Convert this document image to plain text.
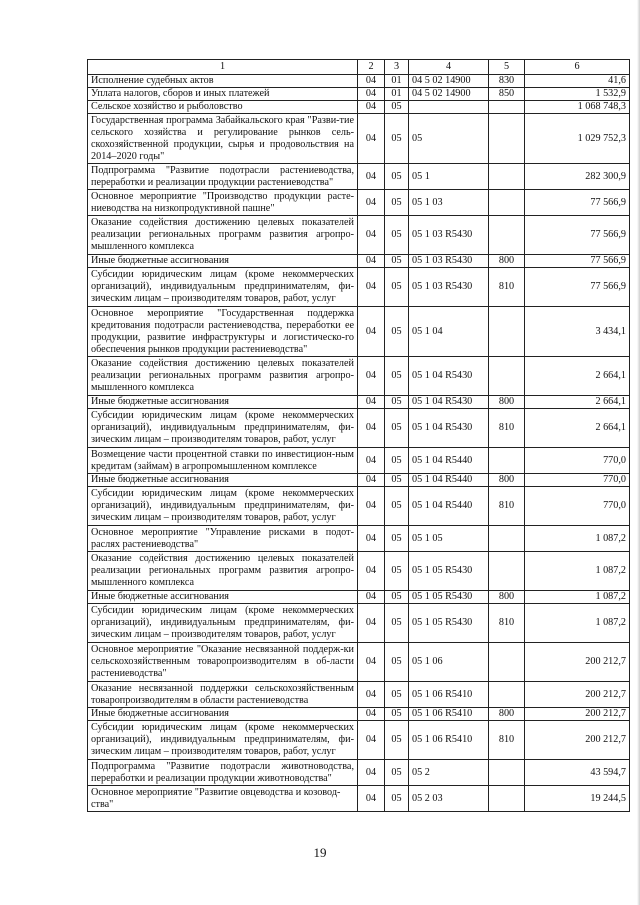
1	2	3	4	5	6
Исполнение судебных актов	04	01	04 5 02 14900	830	41,6
Уплата налогов, сборов и иных платежей	04	01	04 5 02 14900	850	1 532,9
Сельское хозяйство и рыболовство	04	05			1 068 748,3
Государственная программа Забайкальского края "Разви-тие сельского хозяйства и регулирование рынков сель-скохозяйственной продукции, сырья и продовольствия на 2014–2020 годы"	04	05	05		1 029 752,3
Подпрограмма "Развитие подотрасли растениеводства, переработки и реализации продукции растениеводства"	04	05	05 1		282 300,9
Основное мероприятие "Производство продукции расте-ниеводства на низкопродуктивной пашне"	04	05	05 1 03		77 566,9
Оказание содействия достижению целевых показателей реализации региональных программ развития агропро-мышленного комплекса	04	05	05 1 03 R5430		77 566,9
Иные бюджетные ассигнования	04	05	05 1 03 R5430	800	77 566,9
Субсидии юридическим лицам (кроме некоммерческих организаций), индивидуальным предпринимателям, фи-зическим лицам – производителям товаров, работ, услуг	04	05	05 1 03 R5430	810	77 566,9
Основное мероприятие "Государственная поддержка кредитования подотрасли растениеводства, переработки ее продукции, развитие инфраструктуры и логистическо-го обеспечения рынков продукции растениеводства"	04	05	05 1 04		3 434,1
Оказание содействия достижению целевых показателей реализации региональных программ развития агропро-мышленного комплекса	04	05	05 1 04 R5430		2 664,1
Иные бюджетные ассигнования	04	05	05 1 04 R5430	800	2 664,1
Субсидии юридическим лицам (кроме некоммерческих организаций), индивидуальным предпринимателям, фи-зическим лицам – производителям товаров, работ, услуг	04	05	05 1 04 R5430	810	2 664,1
Возмещение части процентной ставки по инвестицион-ным кредитам (займам) в агропромышленном комплексе	04	05	05 1 04 R5440		770,0
Иные бюджетные ассигнования	04	05	05 1 04 R5440	800	770,0
Субсидии юридическим лицам (кроме некоммерческих организаций), индивидуальным предпринимателям, фи-зическим лицам – производителям товаров, работ, услуг	04	05	05 1 04 R5440	810	770,0
Основное мероприятие "Управление рисками в подот-раслях растениеводства"	04	05	05 1 05		1 087,2
Оказание содействия достижению целевых показателей реализации региональных программ развития агропро-мышленного комплекса	04	05	05 1 05 R5430		1 087,2
Иные бюджетные ассигнования	04	05	05 1 05 R5430	800	1 087,2
Субсидии юридическим лицам (кроме некоммерческих организаций), индивидуальным предпринимателям, фи-зическим лицам – производителям товаров, работ, услуг	04	05	05 1 05 R5430	810	1 087,2
Основное мероприятие "Оказание несвязанной поддерж-ки сельскохозяйственным товаропроизводителям в об-ласти растениеводства"	04	05	05 1 06		200 212,7
Оказание несвязанной поддержки сельскохозяйственным товаропроизводителям в области растениеводства	04	05	05 1 06 R5410		200 212,7
Иные бюджетные ассигнования	04	05	05 1 06 R5410	800	200 212,7
Субсидии юридическим лицам (кроме некоммерческих организаций), индивидуальным предпринимателям, фи-зическим лицам – производителям товаров, работ, услуг	04	05	05 1 06 R5410	810	200 212,7
Подпрограмма "Развитие подотрасли животноводства, переработки и реализации продукции животноводства"	04	05	05 2		43 594,7
Основное мероприятие "Развитие овцеводства и козовод-ства"	04	05	05 2 03		19 244,5
19
